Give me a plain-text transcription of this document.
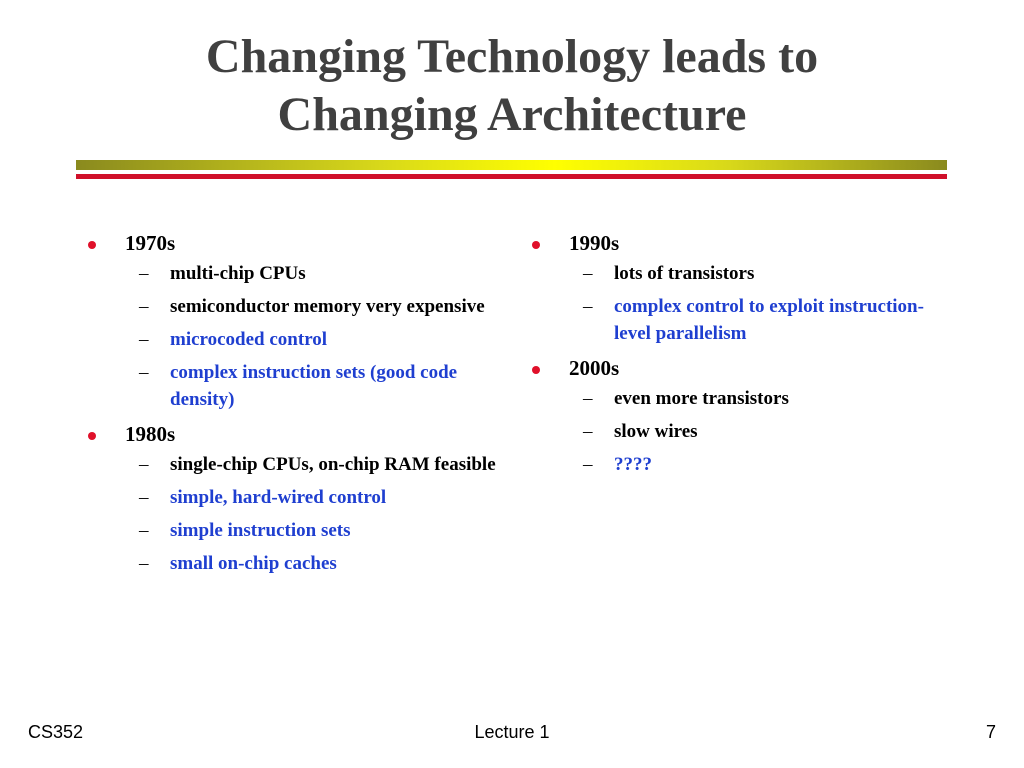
Changing Technology leads to
Changing Architecture
1970s
– multi-chip CPUs
– semiconductor memory very expensive
– microcoded control
– complex instruction sets (good code density)
1980s
– single-chip CPUs, on-chip RAM feasible
– simple, hard-wired control
– simple instruction sets
– small on-chip caches
1990s
– lots of transistors
– complex control to exploit instruction-level parallelism
2000s
– even more transistors
– slow wires
– ????
Lecture 1
CS352	7
